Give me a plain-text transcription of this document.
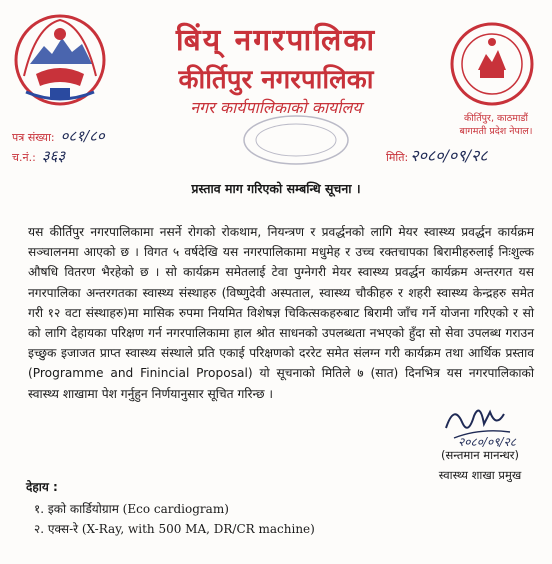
बिंय् नगरपालिका
कीर्तिपुर नगरपालिका
नगर कार्यपालिकाको कार्यालय
कीर्तिपुर, काठमाडौं
बागमती प्रदेश नेपाल।
पत्र संख्या: ०८१/८०
च.नं.: ३६३	मिति: २०८०/०९/२८
प्रस्ताव माग गरिएको सम्बन्धि सूचना ।
यस कीर्तिपुर नगरपालिकामा नसर्ने रोगको रोकथाम, नियन्त्रण र प्रवर्द्धनको लागि मेयर स्वास्थ्य प्रवर्द्धन कार्यक्रम सञ्चालनमा आएको छ । विगत ५ वर्षदेखि यस नगरपालिकामा मधुमेह र उच्च रक्तचापका बिरामीहरुलाई निःशुल्क औषधि वितरण भैरहेको छ । सो कार्यक्रम समेतलाई टेवा पुग्नेगरी मेयर स्वास्थ्य प्रवर्द्धन कार्यक्रम अन्तरगत यस नगरपालिका अन्तरगतका स्वास्थ्य संस्थाहरु (विष्णुदेवी अस्पताल, स्वास्थ्य चौकीहरु र शहरी स्वास्थ्य केन्द्रहरु समेत गरी १२ वटा संस्थाहरु)मा मासिक रुपमा नियमित विशेषज्ञ चिकित्सकहरुबाट बिरामी जाँच गर्ने योजना गरिएको र सो को लागि देहायका परिक्षण गर्न नगरपालिकामा हाल श्रोत साधनको उपलब्धता नभएको हुँदा सो सेवा उपलब्ध गराउन इच्छुक इजाजत प्राप्त स्वास्थ्य संस्थाले प्रति एकाई परिक्षणको दररेट समेत संलग्न गरी कार्यक्रम तथा आर्थिक प्रस्ताव (Programme and Finincial Proposal) यो सूचनाको मितिले ७ (सात) दिनभित्र यस नगरपालिकाको स्वास्थ्य शाखामा पेश गर्नुहुन निर्णयानुसार सूचित गरिन्छ ।
२०८०/०९/२८
(सन्तमान मानन्धर)
स्वास्थ्य शाखा प्रमुख
देहाय :
१. इको कार्डियोग्राम (Eco cardiogram)
२. एक्स-रे (X-Ray, with 500 MA, DR/CR machine)
